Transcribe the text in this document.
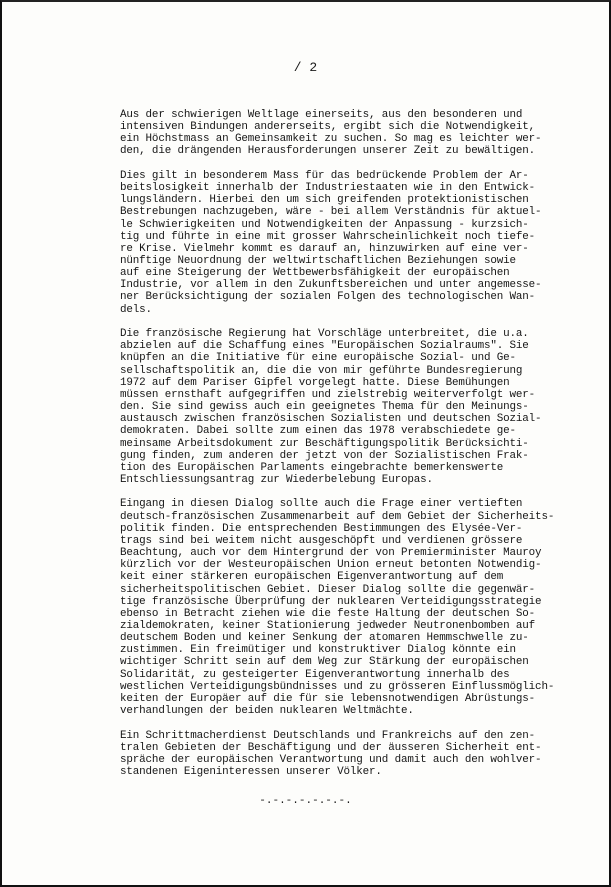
/ 2
Aus der schwierigen Weltlage einerseits, aus den besonderen und
intensiven Bindungen andererseits, ergibt sich die Notwendigkeit,
ein Höchstmass an Gemeinsamkeit zu suchen. So mag es leichter wer-
den, die drängenden Herausforderungen unserer Zeit zu bewältigen.
Dies gilt in besonderem Mass für das bedrückende Problem der Ar-
beitslosigkeit innerhalb der Industriestaaten wie in den Entwick-
lungsländern. Hierbei den um sich greifenden protektionistischen
Bestrebungen nachzugeben, wäre - bei allem Verständnis für aktuel-
le Schwierigkeiten und Notwendigkeiten der Anpassung - kurzsich-
tig und führte in eine mit grosser Wahrscheinlichkeit noch tiefe-
re Krise. Vielmehr kommt es darauf an, hinzuwirken auf eine ver-
nünftige Neuordnung der weltwirtschaftlichen Beziehungen sowie
auf eine Steigerung der Wettbewerbsfähigkeit der europäischen
Industrie, vor allem in den Zukunftsbereichen und unter angemesse-
ner Berücksichtigung der sozialen Folgen des technologischen Wan-
dels.
Die französische Regierung hat Vorschläge unterbreitet, die u.a.
abzielen auf die Schaffung eines "Europäischen Sozialraums". Sie
knüpfen an die Initiative für eine europäische Sozial- und Ge-
sellschaftspolitik an, die die von mir geführte Bundesregierung
1972 auf dem Pariser Gipfel vorgelegt hatte. Diese Bemühungen
müssen ernsthaft aufgegriffen und zielstrebig weiterverfolgt wer-
den. Sie sind gewiss auch ein geeignetes Thema für den Meinungs-
austausch zwischen französischen Sozialisten und deutschen Sozial-
demokraten. Dabei sollte zum einen das 1978 verabschiedete ge-
meinsame Arbeitsdokument zur Beschäftigungspolitik Berücksichti-
gung finden, zum anderen der jetzt von der Sozialistischen Frak-
tion des Europäischen Parlaments eingebrachte bemerkenswerte
Entschliessungsantrag zur Wiederbelebung Europas.
Eingang in diesen Dialog sollte auch die Frage einer vertieften
deutsch-französischen Zusammenarbeit auf dem Gebiet der Sicherheits-
politik finden. Die entsprechenden Bestimmungen des Elysée-Ver-
trags sind bei weitem nicht ausgeschöpft und verdienen grössere
Beachtung, auch vor dem Hintergrund der von Premierminister Mauroy
kürzlich vor der Westeuropäischen Union erneut betonten Notwendig-
keit einer stärkeren europäischen Eigenverantwortung auf dem
sicherheitspolitischen Gebiet. Dieser Dialog sollte die gegenwär-
tige französische Überprüfung der nuklearen Verteidigungsstrategie
ebenso in Betracht ziehen wie die feste Haltung der deutschen So-
zialdemokraten, keiner Stationierung jedweder Neutronenbomben auf
deutschem Boden und keiner Senkung der atomaren Hemmschwelle zu-
zustimmen. Ein freimütiger und konstruktiver Dialog könnte ein
wichtiger Schritt sein auf dem Weg zur Stärkung der europäischen
Solidarität, zu gesteigerter Eigenverantwortung innerhalb des
westlichen Verteidigungsbündnisses und zu grösseren Einflussmöglich-
keiten der Europäer auf die für sie lebensnotwendigen Abrüstungs-
verhandlungen der beiden nuklearen Weltmächte.
Ein Schrittmacherdienst Deutschlands und Frankreichs auf den zen-
tralen Gebieten der Beschäftigung und der äusseren Sicherheit ent-
spräche der europäischen Verantwortung und damit auch den wohlver-
standenen Eigeninteressen unserer Völker.
-.-.-.-.-.-.-.
